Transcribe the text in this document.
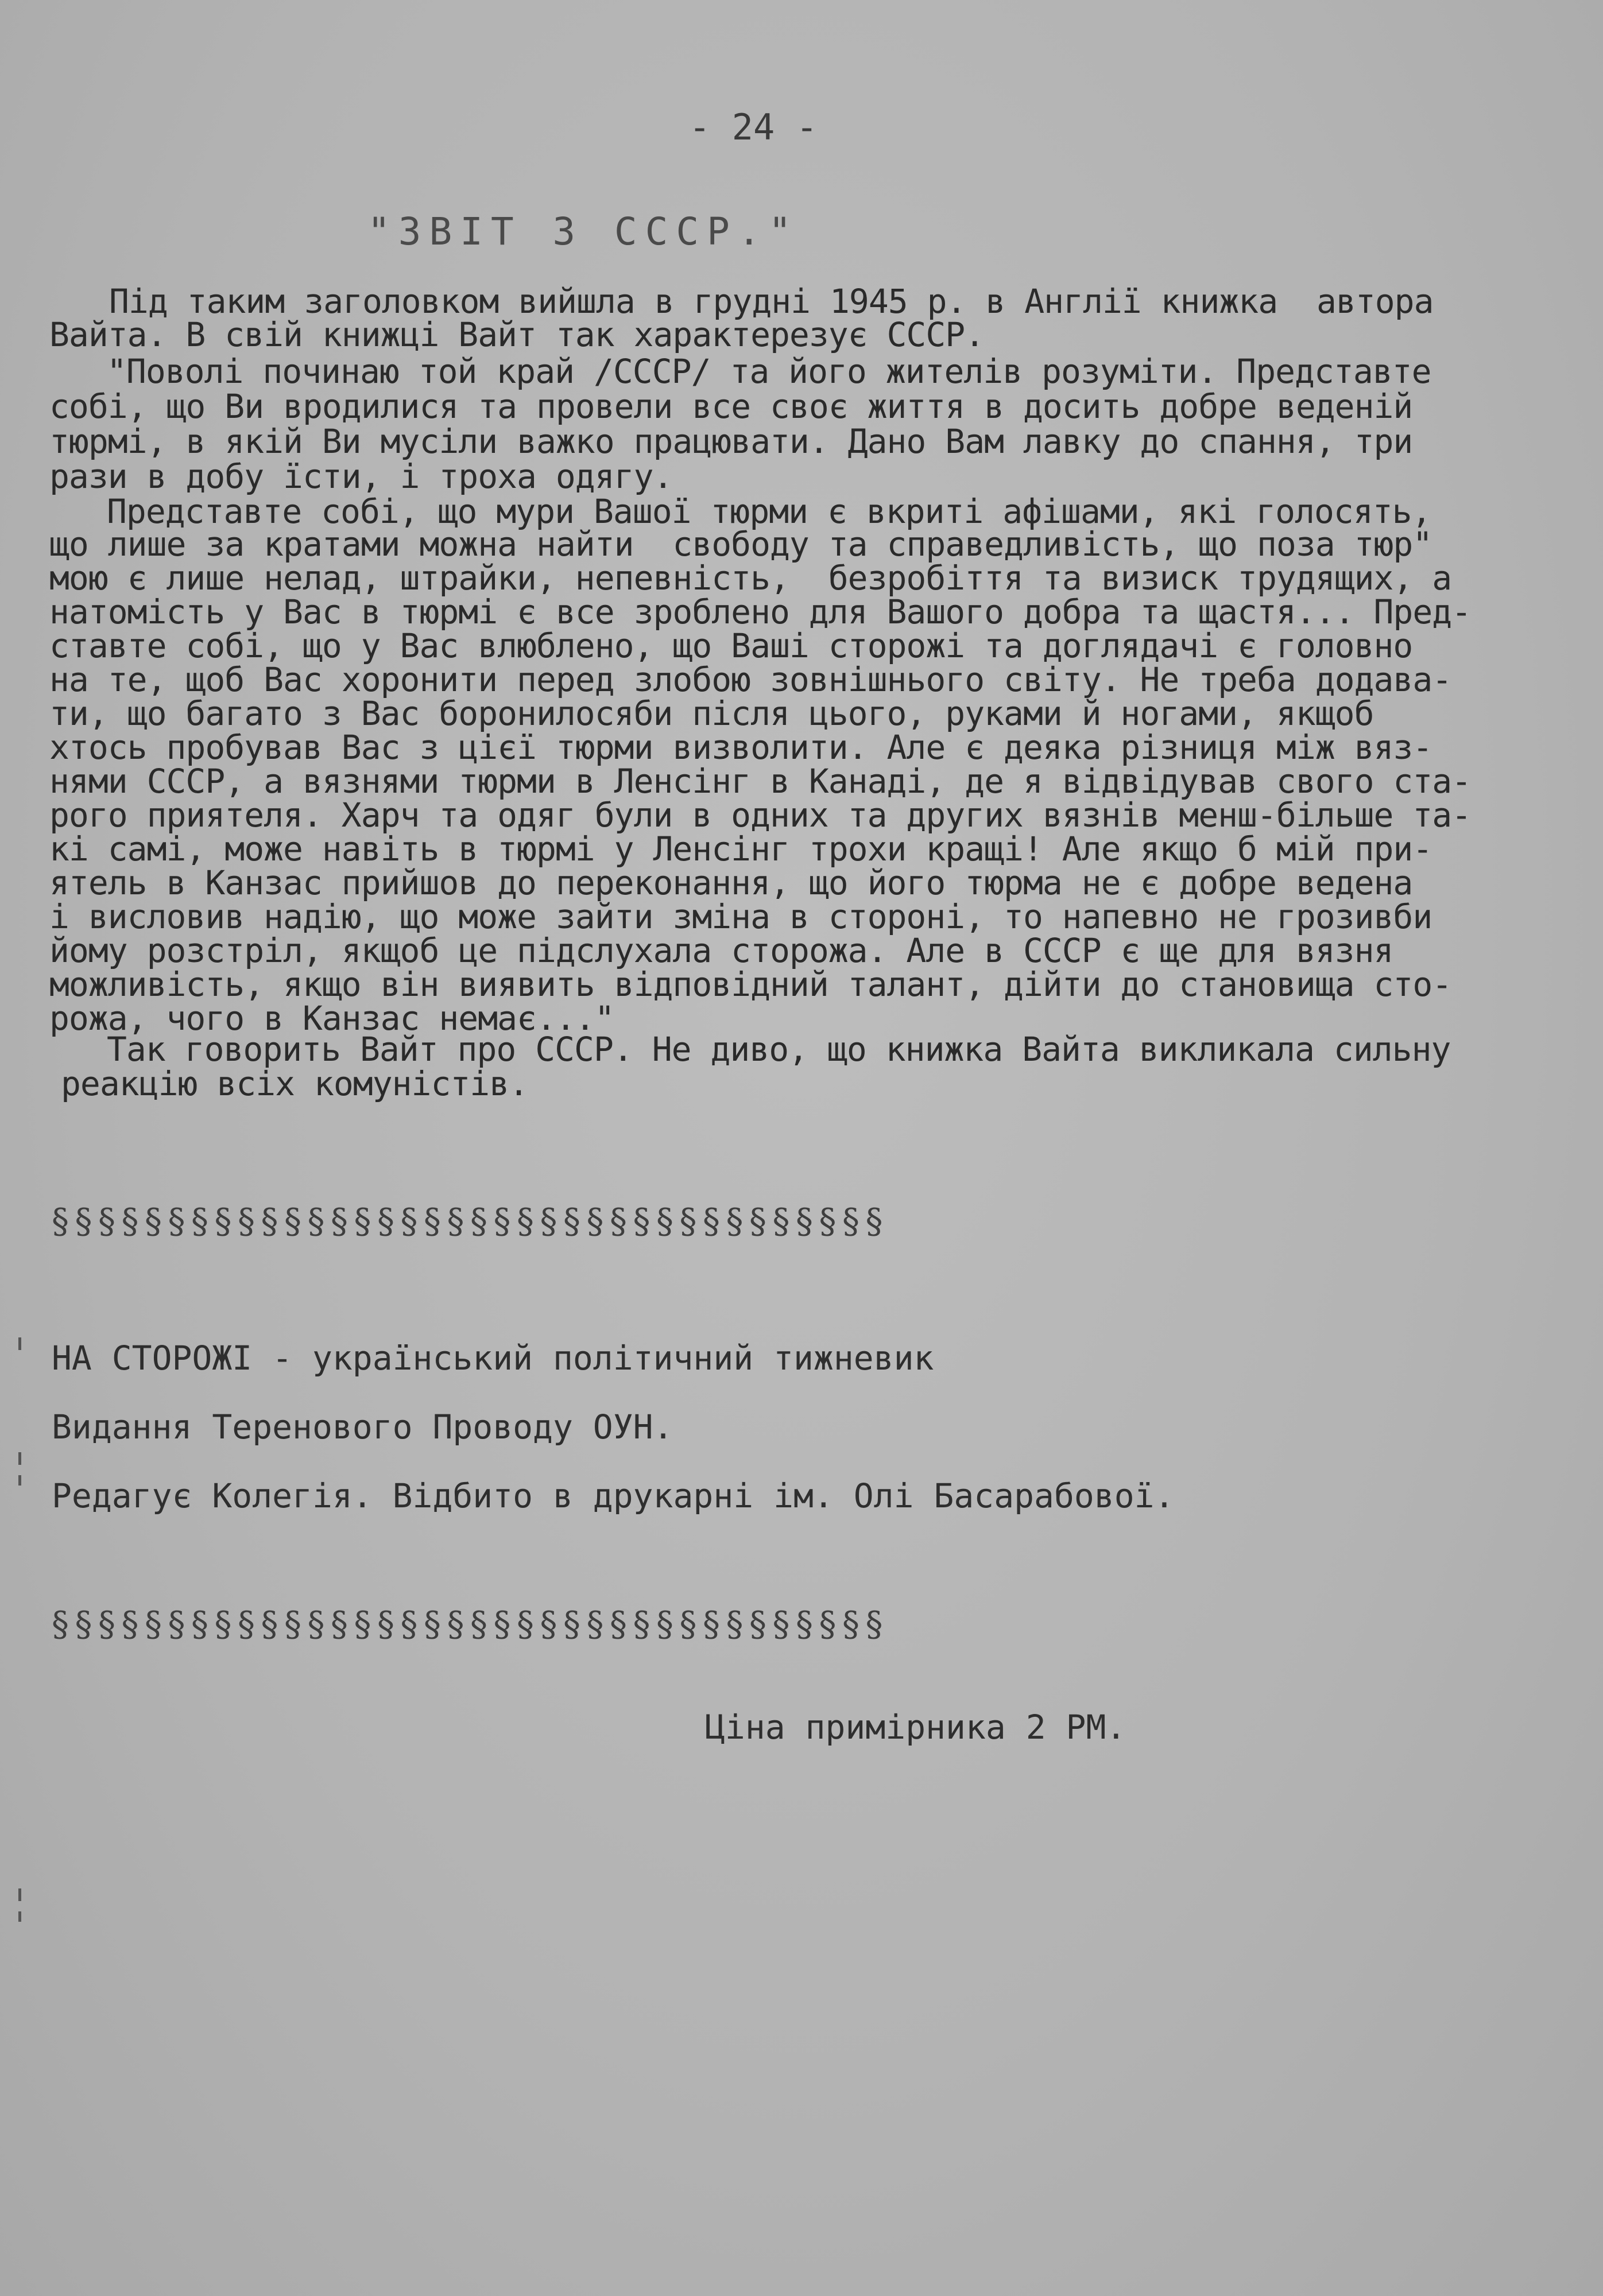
- 24 -
"ЗВІТ З СССР."
Під таким заголовком вийшла в грудні 1945 р. в Англії книжка  автора
Вайта. В свій книжці Вайт так характерезує СССР.
"Поволі починаю той край /СССР/ та його жителів розуміти. Представте
собі, що Ви вродилися та провели все своє життя в досить добре веденій
тюрмі, в якій Ви мусіли важко працювати. Дано Вам лавку до спання, три
рази в добу їсти, і троха одягу.
Представте собі, що мури Вашої тюрми є вкриті афішами, які голосять,
що лише за кратами можна найти  свободу та справедливість, що поза тюр"
мою є лише нелад, штрайки, непевність,  безробіття та визиск трудящих, а
натомість у Вас в тюрмі є все зроблено для Вашого добра та щастя... Пред-
ставте собі, що у Вас влюблено, що Ваші сторожі та доглядачі є головно
на те, щоб Вас хоронити перед злобою зовнішнього світу. Не треба додава-
ти, що багато з Вас боронилосяби після цього, руками й ногами, якщоб
хтось пробував Вас з цієї тюрми визволити. Але є деяка різниця між вяз-
нями СССР, а вязнями тюрми в Ленсінг в Канаді, де я відвідував свого ста-
рого приятеля. Харч та одяг були в одних та других вязнів менш-більше та-
кі самі, може навіть в тюрмі у Ленсінг трохи кращі! Але якщо б мій при-
ятель в Канзас прийшов до переконання, що його тюрма не є добре ведена
і висловив надію, що може зайти зміна в стороні, то напевно не грозивби
йому розстріл, якщоб це підслухала сторожа. Але в СССР є ще для вязня
можливість, якщо він виявить відповідний талант, дійти до становища сто-
рожа, чого в Канзас немає..."
Так говорить Вайт про СССР. Не диво, що книжка Вайта викликала сильну
реакцію всіх комуністів.
§§§§§§§§§§§§§§§§§§§§§§§§§§§§§§§§§§§§
НА СТОРОЖІ - український політичний тижневик
Видання Теренового Проводу ОУН.
Редагує Колегія. Відбито в друкарні ім. Олі Басарабової.
§§§§§§§§§§§§§§§§§§§§§§§§§§§§§§§§§§§§
Ціна примірника 2 РМ.
